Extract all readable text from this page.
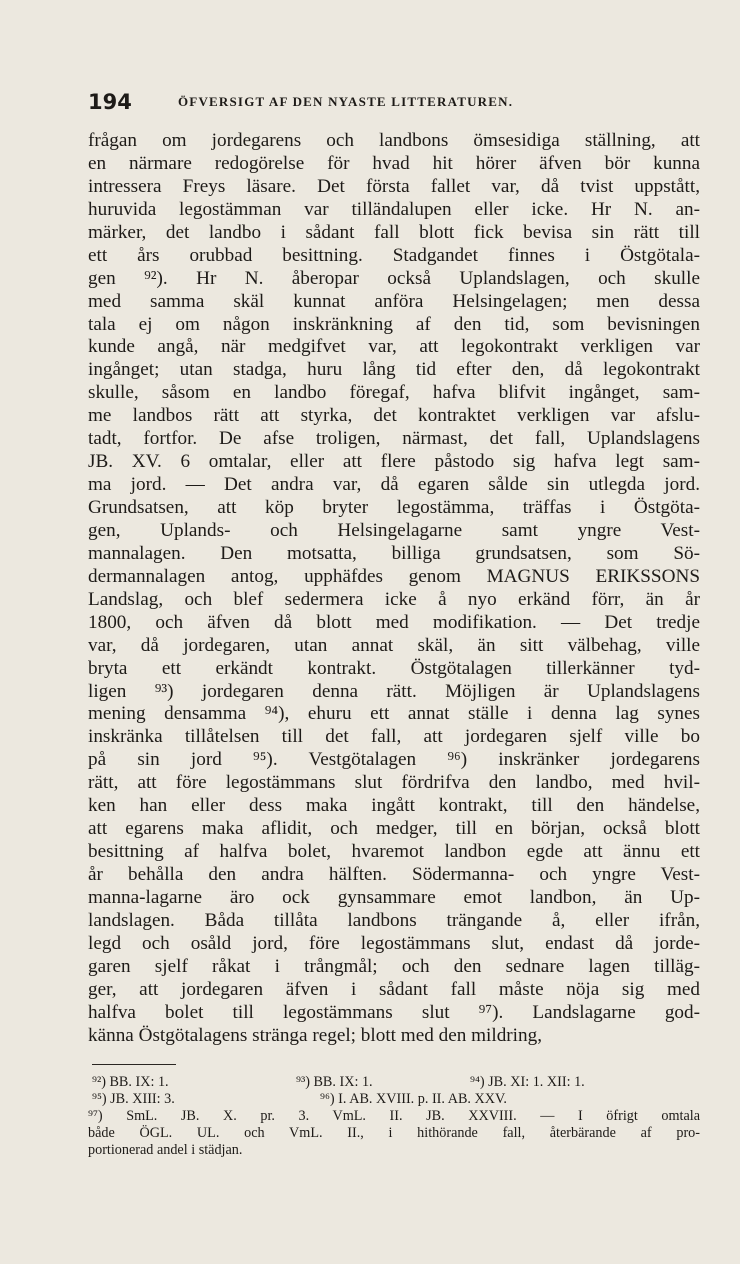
194	ÖFVERSIGT AF DEN NYASTE LITTERATUREN.
frågan om jordegarens och landbons ömsesidiga ställning, att
en närmare redogörelse för hvad hit hörer äfven bör kunna
intressera Freys läsare. Det första fallet var, då tvist uppstått,
huruvida legostämman var tilländalupen eller icke. Hr N. an-
märker, det landbo i sådant fall blott fick bevisa sin rätt till
ett års orubbad besittning. Stadgandet finnes i Östgötala-
gen ⁹²). Hr N. åberopar också Uplandslagen, och skulle
med samma skäl kunnat anföra Helsingelagen; men dessa
tala ej om någon inskränkning af den tid, som bevisningen
kunde angå, när medgifvet var, att legokontrakt verkligen var
ingånget; utan stadga, huru lång tid efter den, då legokontrakt
skulle, såsom en landbo föregaf, hafva blifvit ingånget, sam-
me landbos rätt att styrka, det kontraktet verkligen var afslu-
tadt, fortfor. De afse troligen, närmast, det fall, Uplandslagens
JB. XV. 6 omtalar, eller att flere påstodo sig hafva legt sam-
ma jord. — Det andra var, då egaren sålde sin utlegda jord.
Grundsatsen, att köp bryter legostämma, träffas i Östgöta-
gen, Uplands- och Helsingelagarne samt yngre Vest-
mannalagen. Den motsatta, billiga grundsatsen, som Sö-
dermannalagen antog, upphäfdes genom MAGNUS ERIKSSONS
Landslag, och blef sedermera icke å nyo erkänd förr, än år
1800, och äfven då blott med modifikation. — Det tredje
var, då jordegaren, utan annat skäl, än sitt välbehag, ville
bryta ett erkändt kontrakt. Östgötalagen tillerkänner tyd-
ligen ⁹³) jordegaren denna rätt. Möjligen är Uplandslagens
mening densamma ⁹⁴), ehuru ett annat ställe i denna lag synes
inskränka tillåtelsen till det fall, att jordegaren sjelf ville bo
på sin jord ⁹⁵). Vestgötalagen ⁹⁶) inskränker jordegarens
rätt, att före legostämmans slut fördrifva den landbo, med hvil-
ken han eller dess maka ingått kontrakt, till den händelse,
att egarens maka aflidit, och medger, till en början, också blott
besittning af halfva bolet, hvaremot landbon egde att ännu ett
år behålla den andra hälften. Södermanna- och yngre Vest-
manna-lagarne äro ock gynsammare emot landbon, än Up-
landslagen. Båda tillåta landbons trängande å, eller ifrån,
legd och osåld jord, före legostämmans slut, endast då jorde-
garen sjelf råkat i trångmål; och den sednare lagen tilläg-
ger, att jordegaren äfven i sådant fall måste nöja sig med
halfva bolet till legostämmans slut ⁹⁷). Landslagarne god-
känna Östgötalagens stränga regel; blott med den mildring,
⁹²) BB. IX: 1.	⁹³) BB. IX: 1.	⁹⁴) JB. XI: 1. XII: 1.
⁹⁵) JB. XIII: 3.	⁹⁶) I. AB. XVIII. p. II. AB. XXV.
⁹⁷) SmL. JB. X. pr. 3. VmL. II. JB. XXVIII. — I öfrigt omtala
både ÖGL. UL. och VmL. II., i hithörande fall, återbärande af pro-
portionerad andel i städjan.
